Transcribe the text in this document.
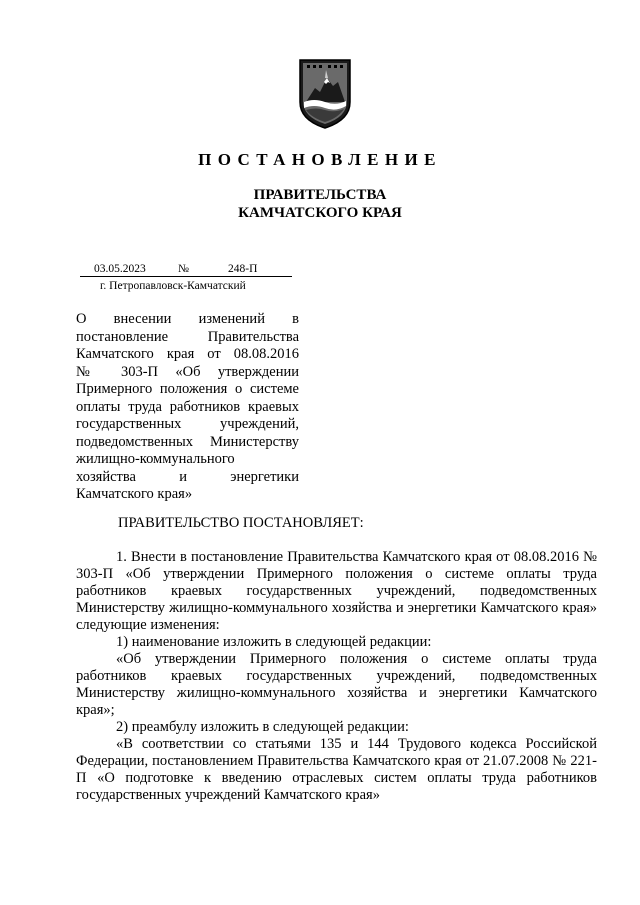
ПОСТАНОВЛЕНИЕ
ПРАВИТЕЛЬСТВА
КАМЧАТСКОГО КРАЯ
03.05.2023	№	248-П
г. Петропавловск-Камчатский
О внесении изменений в
постановление Правительства
Камчатского края от 08.08.2016
№ 303-П «Об утверждении
Примерного положения о системе
оплаты труда работников краевых
государственных учреждений,
подведомственных Министерству
жилищно-коммунального
хозяйства и энергетики
Камчатского края»
ПРАВИТЕЛЬСТВО ПОСТАНОВЛЯЕТ:

1. Внести в постановление Правительства Камчатского края от 08.08.2016 № 303-П «Об утверждении Примерного положения о системе оплаты труда работников краевых государственных учреждений, подведомственных Министерству жилищно-коммунального хозяйства и энергетики Камчатского края» следующие изменения:

1) наименование изложить в следующей редакции:

«Об утверждении Примерного положения о системе оплаты труда работников краевых государственных учреждений, подведомственных Министерству жилищно-коммунального хозяйства и энергетики Камчатского края»;

2) преамбулу изложить в следующей редакции:

«В соответствии со статьями 135 и 144 Трудового кодекса Российской Федерации, постановлением Правительства Камчатского края от 21.07.2008 № 221-П «О подготовке к введению отраслевых систем оплаты труда работников государственных учреждений Камчатского края»
